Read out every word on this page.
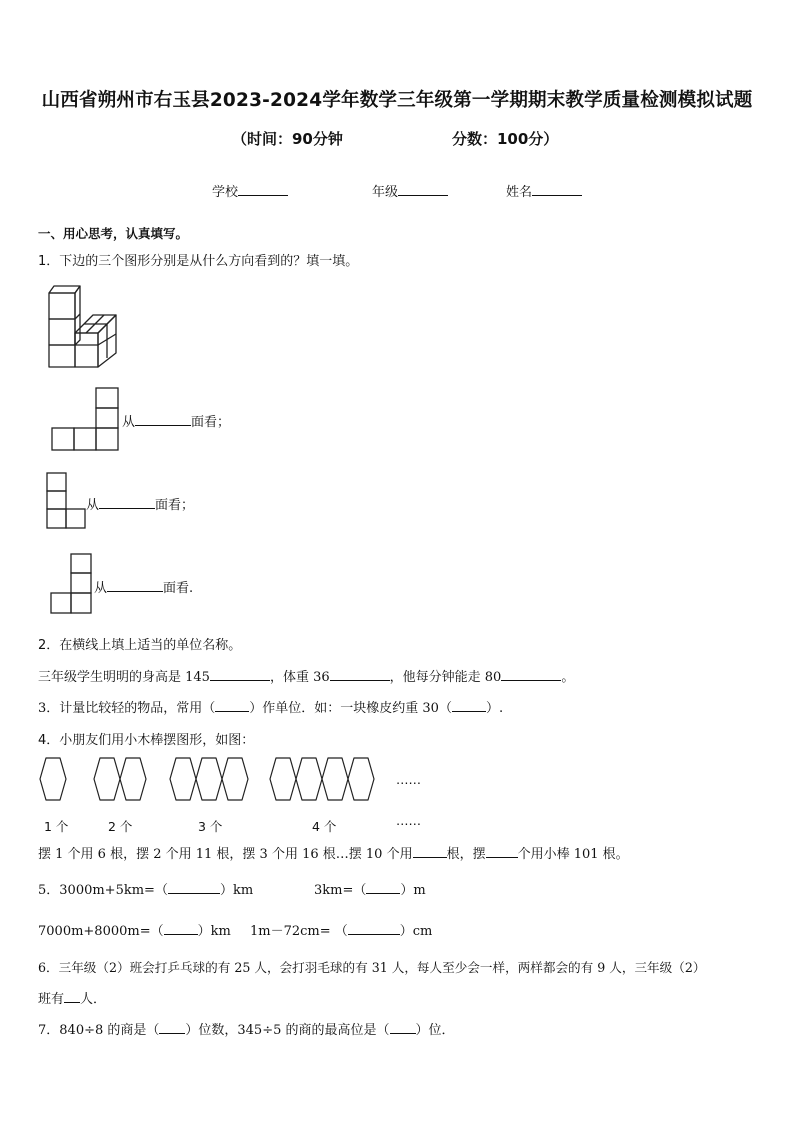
山西省朔州市右玉县2023-2024学年数学三年级第一学期期末教学质量检测模拟试题
（时间：90分钟	分数：100分）
学校	年级	姓名
一、用心思考，认真填写。
1．下边的三个图形分别是从什么方向看到的？填一填。
从	面看；
从	面看；
从	面看.
2．在横线上填上适当的单位名称。
三年级学生明明的身高是 145	，体重 36	，他每分钟能走 80	。
3．计量比较轻的物品，常用（	）作单位．如：一块橡皮约重 30（	）.
4．小朋友们用小木棒摆图形，如图：
1 个	2 个	3 个	4 个
……
……
摆 1 个用 6 根，摆 2 个用 11 根，摆 3 个用 16 根…摆 10 个用	根，摆 个用小棒 101 根。
5．3000m+5km=（	）km	3km=（	）m
7000m+8000m=（	）km 1m－72cm= （	）cm
6．三年级（2）班会打乒乓球的有 25 人，会打羽毛球的有 31 人，每人至少会一样，两样都会的有 9 人，三年级（2）
班有 人．
7．840÷8 的商是（ ）位数，345÷5 的商的最高位是（ ）位．
